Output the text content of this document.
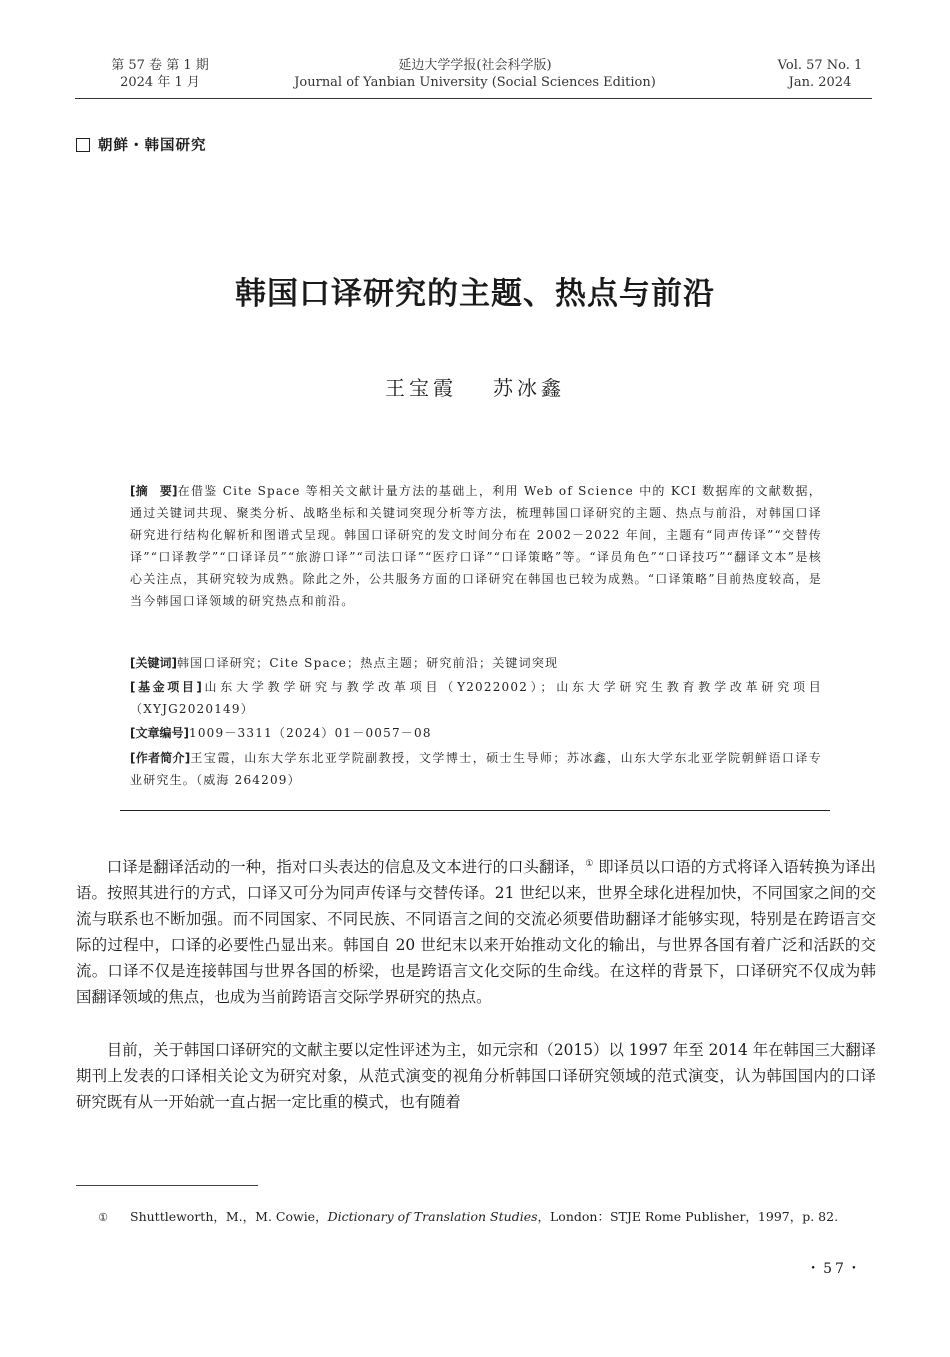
第 57 卷 第 1 期
2024 年 1 月
延边大学学报(社会科学版)
Journal of Yanbian University (Social Sciences Edition)
Vol. 57 No. 1
Jan. 2024
朝鲜・韩国研究
韩国口译研究的主题、热点与前沿
王宝霞 苏冰鑫
[摘　要]在借鉴 Cite Space 等相关文献计量方法的基础上，利用 Web of Science 中的 KCI 数据库的文献数据，通过关键词共现、聚类分析、战略坐标和关键词突现分析等方法，梳理韩国口译研究的主题、热点与前沿，对韩国口译研究进行结构化解析和图谱式呈现。韩国口译研究的发文时间分布在 2002－2022 年间，主题有“同声传译”“交替传译”“口译教学”“口译译员”“旅游口译”“司法口译”“医疗口译”“口译策略”等。“译员角色”“口译技巧”“翻译文本”是核心关注点，其研究较为成熟。除此之外，公共服务方面的口译研究在韩国也已较为成熟。“口译策略”目前热度较高，是当今韩国口译领域的研究热点和前沿。
[关键词]韩国口译研究；Cite Space；热点主题；研究前沿；关键词突现
[基金项目]山东大学教学研究与教学改革项目（Y2022002）；山东大学研究生教育教学改革研究项目（XYJG2020149）
[文章编号]1009－3311（2024）01－0057－08
[作者简介]王宝霞，山东大学东北亚学院副教授，文学博士，硕士生导师；苏冰鑫，山东大学东北亚学院朝鲜语口译专业研究生。（威海 264209）

口译是翻译活动的一种，指对口头表达的信息及文本进行的口头翻译，① 即译员以口语的方式将译入语转换为译出语。按照其进行的方式，口译又可分为同声传译与交替传译。21 世纪以来，世界全球化进程加快，不同国家之间的交流与联系也不断加强。而不同国家、不同民族、不同语言之间的交流必须要借助翻译才能够实现，特别是在跨语言交际的过程中，口译的必要性凸显出来。韩国自 20 世纪末以来开始推动文化的输出，与世界各国有着广泛和活跃的交流。口译不仅是连接韩国与世界各国的桥梁，也是跨语言文化交际的生命线。在这样的背景下，口译研究不仅成为韩国翻译领域的焦点，也成为当前跨语言交际学界研究的热点。

目前，关于韩国口译研究的文献主要以定性评述为主，如元宗和（2015）以 1997 年至 2014 年在韩国三大翻译期刊上发表的口译相关论文为研究对象，从范式演变的视角分析韩国口译研究领域的范式演变，认为韩国国内的口译研究既有从一开始就一直占据一定比重的模式，也有随着

① Shuttleworth，M.，M. Cowie，Dictionary of Translation Studies，London：STJE Rome Publisher，1997，p. 82.
・57・
